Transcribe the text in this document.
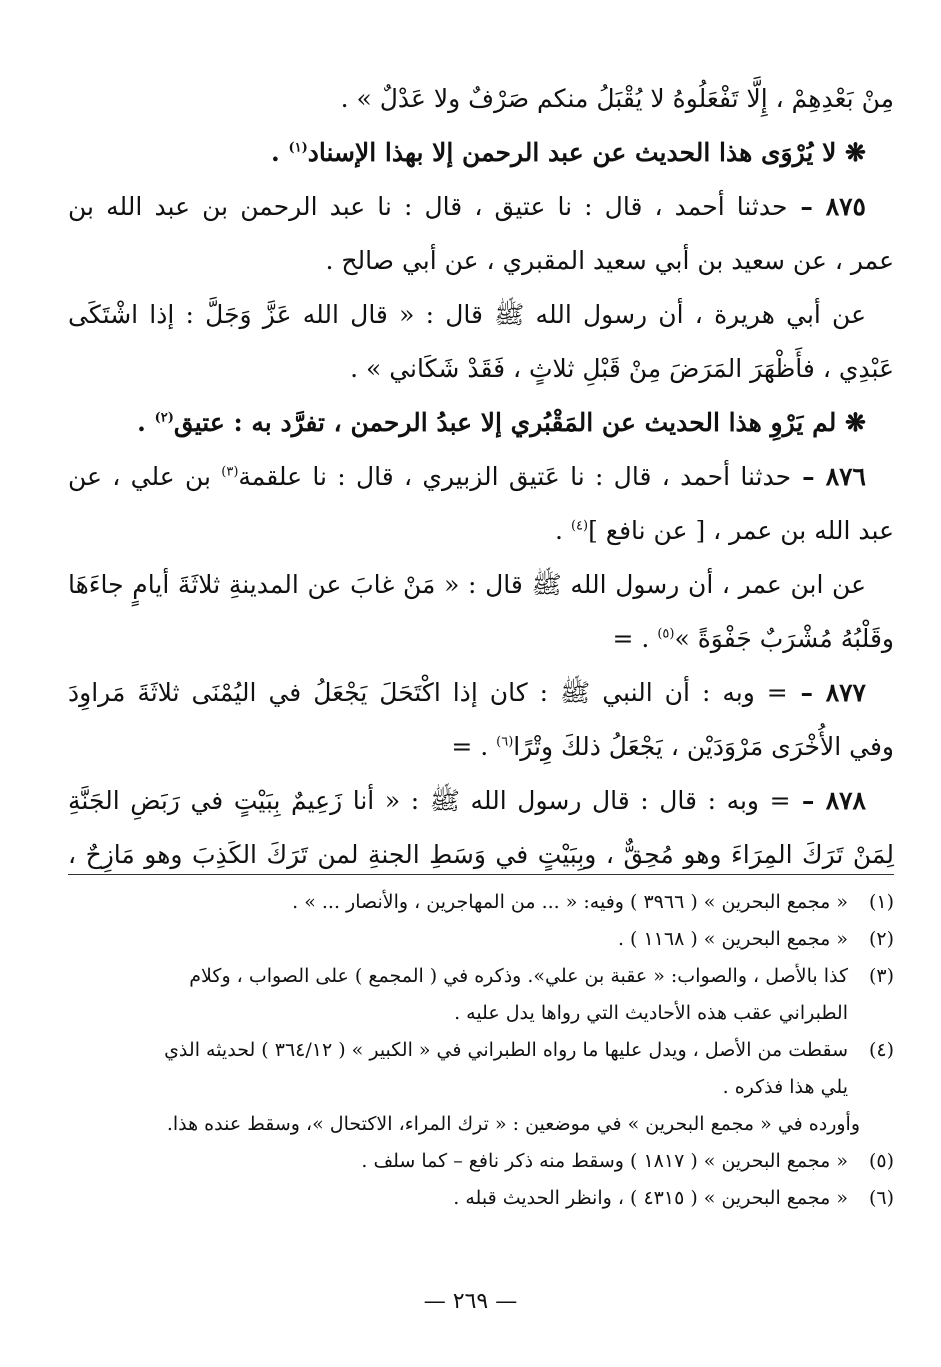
مِنْ بَعْدِهِمْ ، إِلَّا تَفْعَلُوهُ لا يُقْبَلُ منكم صَرْفٌ ولا عَدْلٌ » .
❋ لا يُرْوَى هذا الحديث عن عبد الرحمن إلا بهذا الإسناد$^{(١)}$ .
٨٧٥ – حدثنا أحمد ، قال : نا عتيق ، قال : نا عبد الرحمن بن عبد الله بن
عمر ، عن سعيد بن أبي سعيد المقبري ، عن أبي صالح .
عن أبي هريرة ، أن رسول الله ﷺ قال : « قال الله عَزَّ وَجَلَّ : إذا اشْتَكَى
عَبْدِي ، فأَظْهَرَ المَرَضَ مِنْ قَبْلِ ثلاثٍ ، فَقَدْ شَكَاني » .
❋ لم يَرْوِ هذا الحديث عن المَقْبُري إلا عبدُ الرحمن ، تفرَّد به : عتيق$^{(٢)}$ .
٨٧٦ – حدثنا أحمد ، قال : نا عَتيق الزبيري ، قال : نا علقمة$^{(٣)}$ بن علي ، عن
عبد الله بن عمر ، [ عن نافع ]$^{(٤)}$ .
عن ابن عمر ، أن رسول الله ﷺ قال : « مَنْ غابَ عن المدينةِ ثلاثَةَ أيامٍ جاءَهَا
وقَلْبُهُ مُشْرَبٌ جَفْوَةً »$^{(٥)}$ . =
٨٧٧ – = وبه : أن النبي ﷺ : كان إذا اكْتَحَلَ يَجْعَلُ في اليُمْنَى ثلاثَةَ مَراوِدَ
وفي الأُخْرَى مَرْوَدَيْن ، يَجْعَلُ ذلكَ وِتْرًا$^{(٦)}$ . =
٨٧٨ – = وبه : قال : قال رسول الله ﷺ : « أنا زَعِيمٌ بِبَيْتٍ في رَبَضِ الجَنَّةِ
لِمَنْ تَرَكَ المِرَاءَ وهو مُحِقٌّ ، وبِبَيْتٍ في وَسَطِ الجنةِ لمن تَرَكَ الكَذِبَ وهو مَازِحٌ ،
(١)
« مجمع البحرين » ( ٣٩٦٦ ) وفيه: « ... من المهاجرين ، والأنصار ... » .
(٢)
« مجمع البحرين » ( ١١٦٨ ) .
(٣)
كذا بالأصل ، والصواب: « عقبة بن علي». وذكره في ( المجمع ) على الصواب ، وكلام
الطبراني عقب هذه الأحاديث التي رواها يدل عليه .
(٤)
سقطت من الأصل ، ويدل عليها ما رواه الطبراني في « الكبير » ( ٣٦٤/١٢ ) لحديثه الذي
يلي هذا فذكره .
وأورده في « مجمع البحرين » في موضعين : « ترك المراء، الاكتحال »، وسقط عنده هذا.
(٥)
« مجمع البحرين » ( ١٨١٧ ) وسقط منه ذكر نافع – كما سلف .
(٦)
« مجمع البحرين » ( ٤٣١٥ ) ، وانظر الحديث قبله .
— ٢٦٩ —
